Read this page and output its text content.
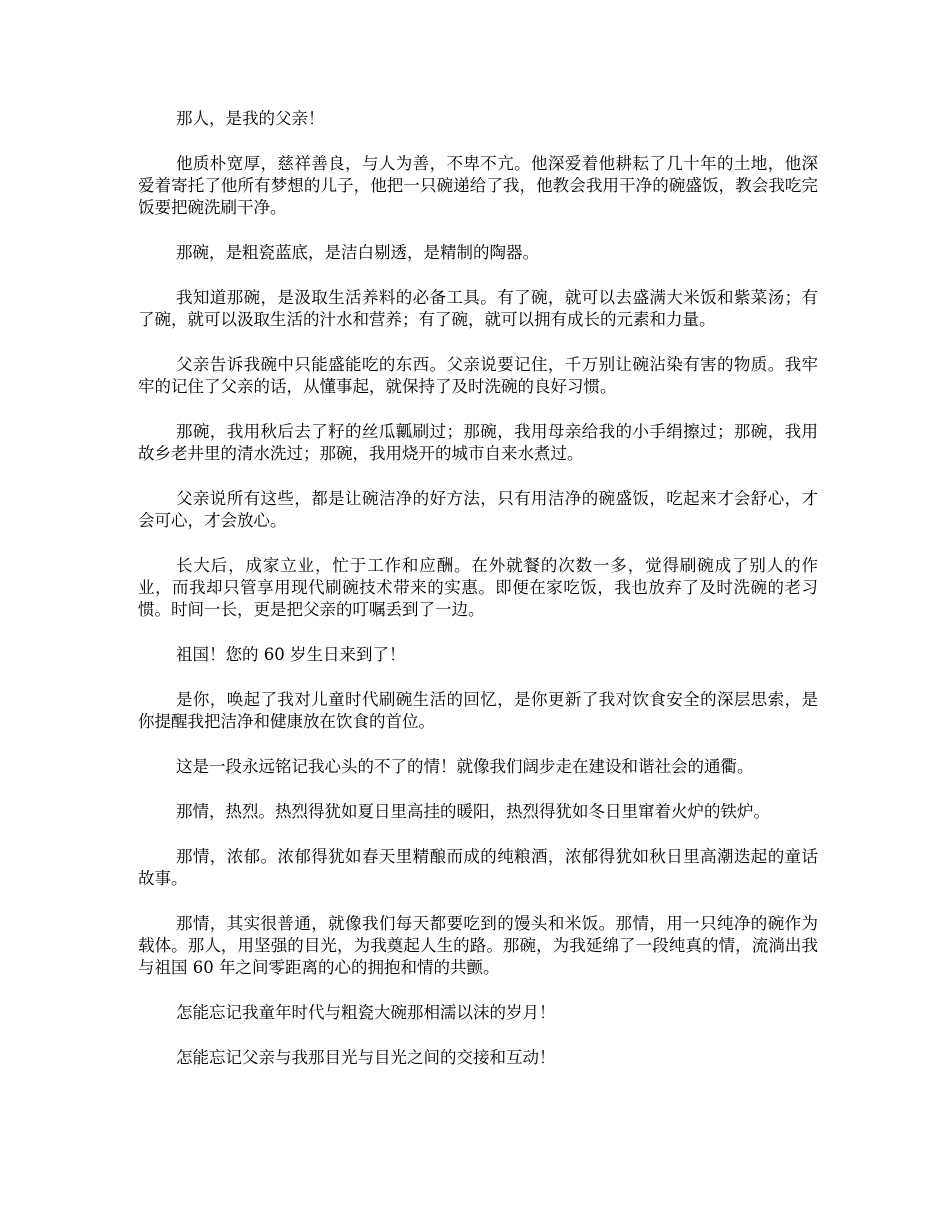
那人，是我的父亲！

他质朴宽厚，慈祥善良，与人为善，不卑不亢。他深爱着他耕耘了几十年的土地，他深爱着寄托了他所有梦想的儿子，他把一只碗递给了我，他教会我用干净的碗盛饭，教会我吃完饭要把碗洗刷干净。

那碗，是粗瓷蓝底，是洁白剔透，是精制的陶器。

我知道那碗，是汲取生活养料的必备工具。有了碗，就可以去盛满大米饭和紫菜汤；有了碗，就可以汲取生活的汁水和营养；有了碗，就可以拥有成长的元素和力量。

父亲告诉我碗中只能盛能吃的东西。父亲说要记住，千万别让碗沾染有害的物质。我牢牢的记住了父亲的话，从懂事起，就保持了及时洗碗的良好习惯。

那碗，我用秋后去了籽的丝瓜瓤刷过；那碗，我用母亲给我的小手绢擦过；那碗，我用故乡老井里的清水洗过；那碗，我用烧开的城市自来水煮过。

父亲说所有这些，都是让碗洁净的好方法，只有用洁净的碗盛饭，吃起来才会舒心，才会可心，才会放心。

长大后，成家立业，忙于工作和应酬。在外就餐的次数一多，觉得刷碗成了别人的作业，而我却只管享用现代刷碗技术带来的实惠。即便在家吃饭，我也放弃了及时洗碗的老习惯。时间一长，更是把父亲的叮嘱丢到了一边。

祖国！您的 60 岁生日来到了！

是你，唤起了我对儿童时代刷碗生活的回忆，是你更新了我对饮食安全的深层思索，是你提醒我把洁净和健康放在饮食的首位。

这是一段永远铭记我心头的不了的情！就像我们阔步走在建设和谐社会的通衢。

那情，热烈。热烈得犹如夏日里高挂的暖阳，热烈得犹如冬日里窜着火炉的铁炉。

那情，浓郁。浓郁得犹如春天里精酿而成的纯粮酒，浓郁得犹如秋日里高潮迭起的童话故事。

那情，其实很普通，就像我们每天都要吃到的馒头和米饭。那情，用一只纯净的碗作为载体。那人，用坚强的目光，为我奠起人生的路。那碗，为我延绵了一段纯真的情，流淌出我与祖国 60 年之间零距离的心的拥抱和情的共颤。

怎能忘记我童年时代与粗瓷大碗那相濡以沫的岁月！

怎能忘记父亲与我那目光与目光之间的交接和互动！
